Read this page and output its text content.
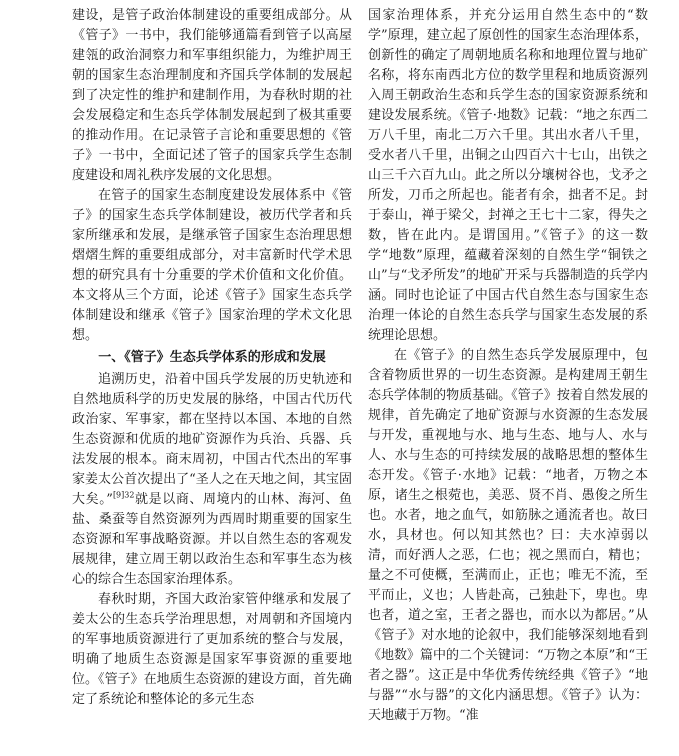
建设，是管子政治体制建设的重要组成部分。从《管子》一书中，我们能够通篇看到管子以高屋建瓴的政治洞察力和军事组织能力，为维护周王朝的国家生态治理制度和齐国兵学体制的发展起到了决定性的维护和建制作用，为春秋时期的社会发展稳定和生态兵学体制发展起到了极其重要的推动作用。在记录管子言论和重要思想的《管子》一书中，全面记述了管子的国家兵学生态制度建设和周礼秩序发展的文化思想。

在管子的国家生态制度建设发展体系中《管子》的国家生态兵学体制建设，被历代学者和兵家所继承和发展，是继承管子国家生态治理思想熠熠生辉的重要组成部分，对丰富新时代学术思想的研究具有十分重要的学术价值和文化价值。本文将从三个方面，论述《管子》国家生态兵学体制建设和继承《管子》国家治理的学术文化思想。

一、《管子》生态兵学体系的形成和发展

追溯历史，沿着中国兵学发展的历史轨迹和自然地质科学的历史发展的脉络，中国古代历代政治家、军事家，都在坚持以本国、本地的自然生态资源和优质的地矿资源作为兵治、兵器、兵法发展的根本。商末周初，中国古代杰出的军事家姜太公首次提出了“圣人之在天地之间，其宝固大矣。”$^{[9]32}$就是以商、周境内的山林、海河、鱼盐、桑蚕等自然资源列为西周时期重要的国家生态资源和军事战略资源。并以自然生态的客观发展规律，建立周王朝以政治生态和军事生态为核心的综合生态国家治理体系。

春秋时期，齐国大政治家管仲继承和发展了姜太公的生态兵学治理思想，对周朝和齐国境内的军事地质资源进行了更加系统的整合与发展，明确了地质生态资源是国家军事资源的重要地位。《管子》在地质生态资源的建设方面，首先确定了系统论和整体论的多元生态

国家治理体系，并充分运用自然生态中的“数学”原理，建立起了原创性的国家生态治理体系，创新性的确定了周朝地质名称和地理位置与地矿名称，将东南西北方位的数学里程和地质资源列入周王朝政治生态和兵学生态的国家资源系统和建设发展系统。《管子·地数》记载：“地之东西二万八千里，南北二万六千里。其出水者八千里，受水者八千里，出铜之山四百六十七山，出铁之山三千六百九山。此之所以分壤树谷也，戈矛之所发，刀币之所起也。能者有余，拙者不足。封于泰山，禅于梁父，封禅之王七十二家，得失之数，皆在此内。是谓国用。”《管子》的这一数学“地数”原理，蕴藏着深刻的自然生学“铜铁之山”与“戈矛所发”的地矿开采与兵器制造的兵学内涵。同时也论证了中国古代自然生态与国家生态治理一体论的自然生态兵学与国家生态发展的系统理论思想。

在《管子》的自然生态兵学发展原理中，包含着物质世界的一切生态资源。是构建周王朝生态兵学体制的物质基础。《管子》按着自然发展的规律，首先确定了地矿资源与水资源的生态发展与开发，重视地与水、地与生态、地与人、水与人、水与生态的可持续发展的战略思想的整体生态开发。《管子·水地》记载：“地者，万物之本原，诸生之根菀也，美恶、贤不肖、愚俊之所生也。水者，地之血气，如筋脉之通流者也。故曰水，具材也。何以知其然也？曰：夫水淖弱以清，而好洒人之恶，仁也；视之黑而白，精也；量之不可使概，至满而止，正也；唯无不流，至平而止，义也；人皆赴高，己独赴下，卑也。卑也者，道之室，王者之器也，而水以为都居。”从《管子》对水地的论叙中，我们能够深刻地看到《地数》篇中的二个关键词：“万物之本原”和“王者之器”。这正是中华优秀传统经典《管子》“地与器”“水与器”的文化内涵思想。《管子》认为：天地藏于万物。“准
